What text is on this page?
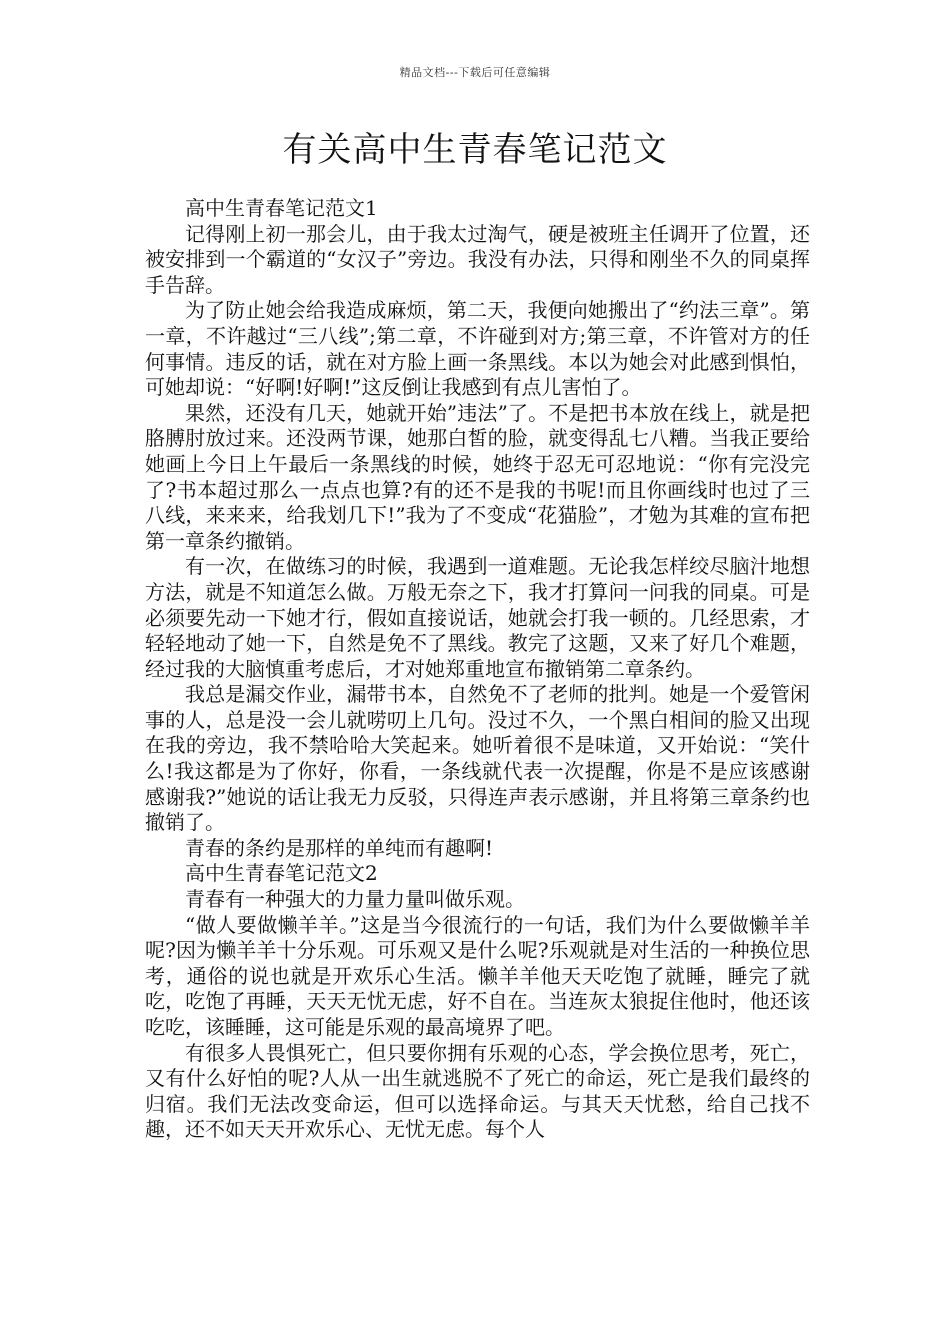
精品文档---下载后可任意编辑
有关高中生青春笔记范文

高中生青春笔记范文1

记得刚上初一那会儿，由于我太过淘气，硬是被班主任调开了位置，还被安排到一个霸道的“女汉子”旁边。我没有办法，只得和刚坐不久的同桌挥手告辞。

为了防止她会给我造成麻烦，第二天，我便向她搬出了“约法三章”。第一章，不许越过“三八线”;第二章，不许碰到对方;第三章，不许管对方的任何事情。违反的话，就在对方脸上画一条黑线。本以为她会对此感到惧怕，可她却说：“好啊!好啊!”这反倒让我感到有点儿害怕了。

果然，还没有几天，她就开始”违法”了。不是把书本放在线上，就是把胳膊肘放过来。还没两节课，她那白皙的脸，就变得乱七八糟。当我正要给她画上今日上午最后一条黑线的时候，她终于忍无可忍地说：“你有完没完了?书本超过那么一点点也算?有的还不是我的书呢!而且你画线时也过了三八线，来来来，给我划几下!”我为了不变成“花猫脸”，才勉为其难的宣布把第一章条约撤销。

有一次，在做练习的时候，我遇到一道难题。无论我怎样绞尽脑汁地想方法，就是不知道怎么做。万般无奈之下，我才打算问一问我的同桌。可是必须要先动一下她才行，假如直接说话，她就会打我一顿的。几经思索，才轻轻地动了她一下，自然是免不了黑线。教完了这题，又来了好几个难题，经过我的大脑慎重考虑后，才对她郑重地宣布撤销第二章条约。

我总是漏交作业，漏带书本，自然免不了老师的批判。她是一个爱管闲事的人，总是没一会儿就唠叨上几句。没过不久，一个黑白相间的脸又出现在我的旁边，我不禁哈哈大笑起来。她听着很不是味道，又开始说：“笑什么!我这都是为了你好，你看，一条线就代表一次提醒，你是不是应该感谢感谢我?”她说的话让我无力反驳，只得连声表示感谢，并且将第三章条约也撤销了。

青春的条约是那样的单纯而有趣啊!

高中生青春笔记范文2

青春有一种强大的力量力量叫做乐观。

“做人要做懒羊羊。”这是当今很流行的一句话，我们为什么要做懒羊羊呢?因为懒羊羊十分乐观。可乐观又是什么呢?乐观就是对生活的一种换位思考，通俗的说也就是开欢乐心生活。懒羊羊他天天吃饱了就睡，睡完了就吃，吃饱了再睡，天天无忧无虑，好不自在。当连灰太狼捉住他时，他还该吃吃，该睡睡，这可能是乐观的最高境界了吧。

有很多人畏惧死亡，但只要你拥有乐观的心态，学会换位思考，死亡，又有什么好怕的呢?人从一出生就逃脱不了死亡的命运，死亡是我们最终的归宿。我们无法改变命运，但可以选择命运。与其天天忧愁，给自己找不趣，还不如天天开欢乐心、无忧无虑。每个人
